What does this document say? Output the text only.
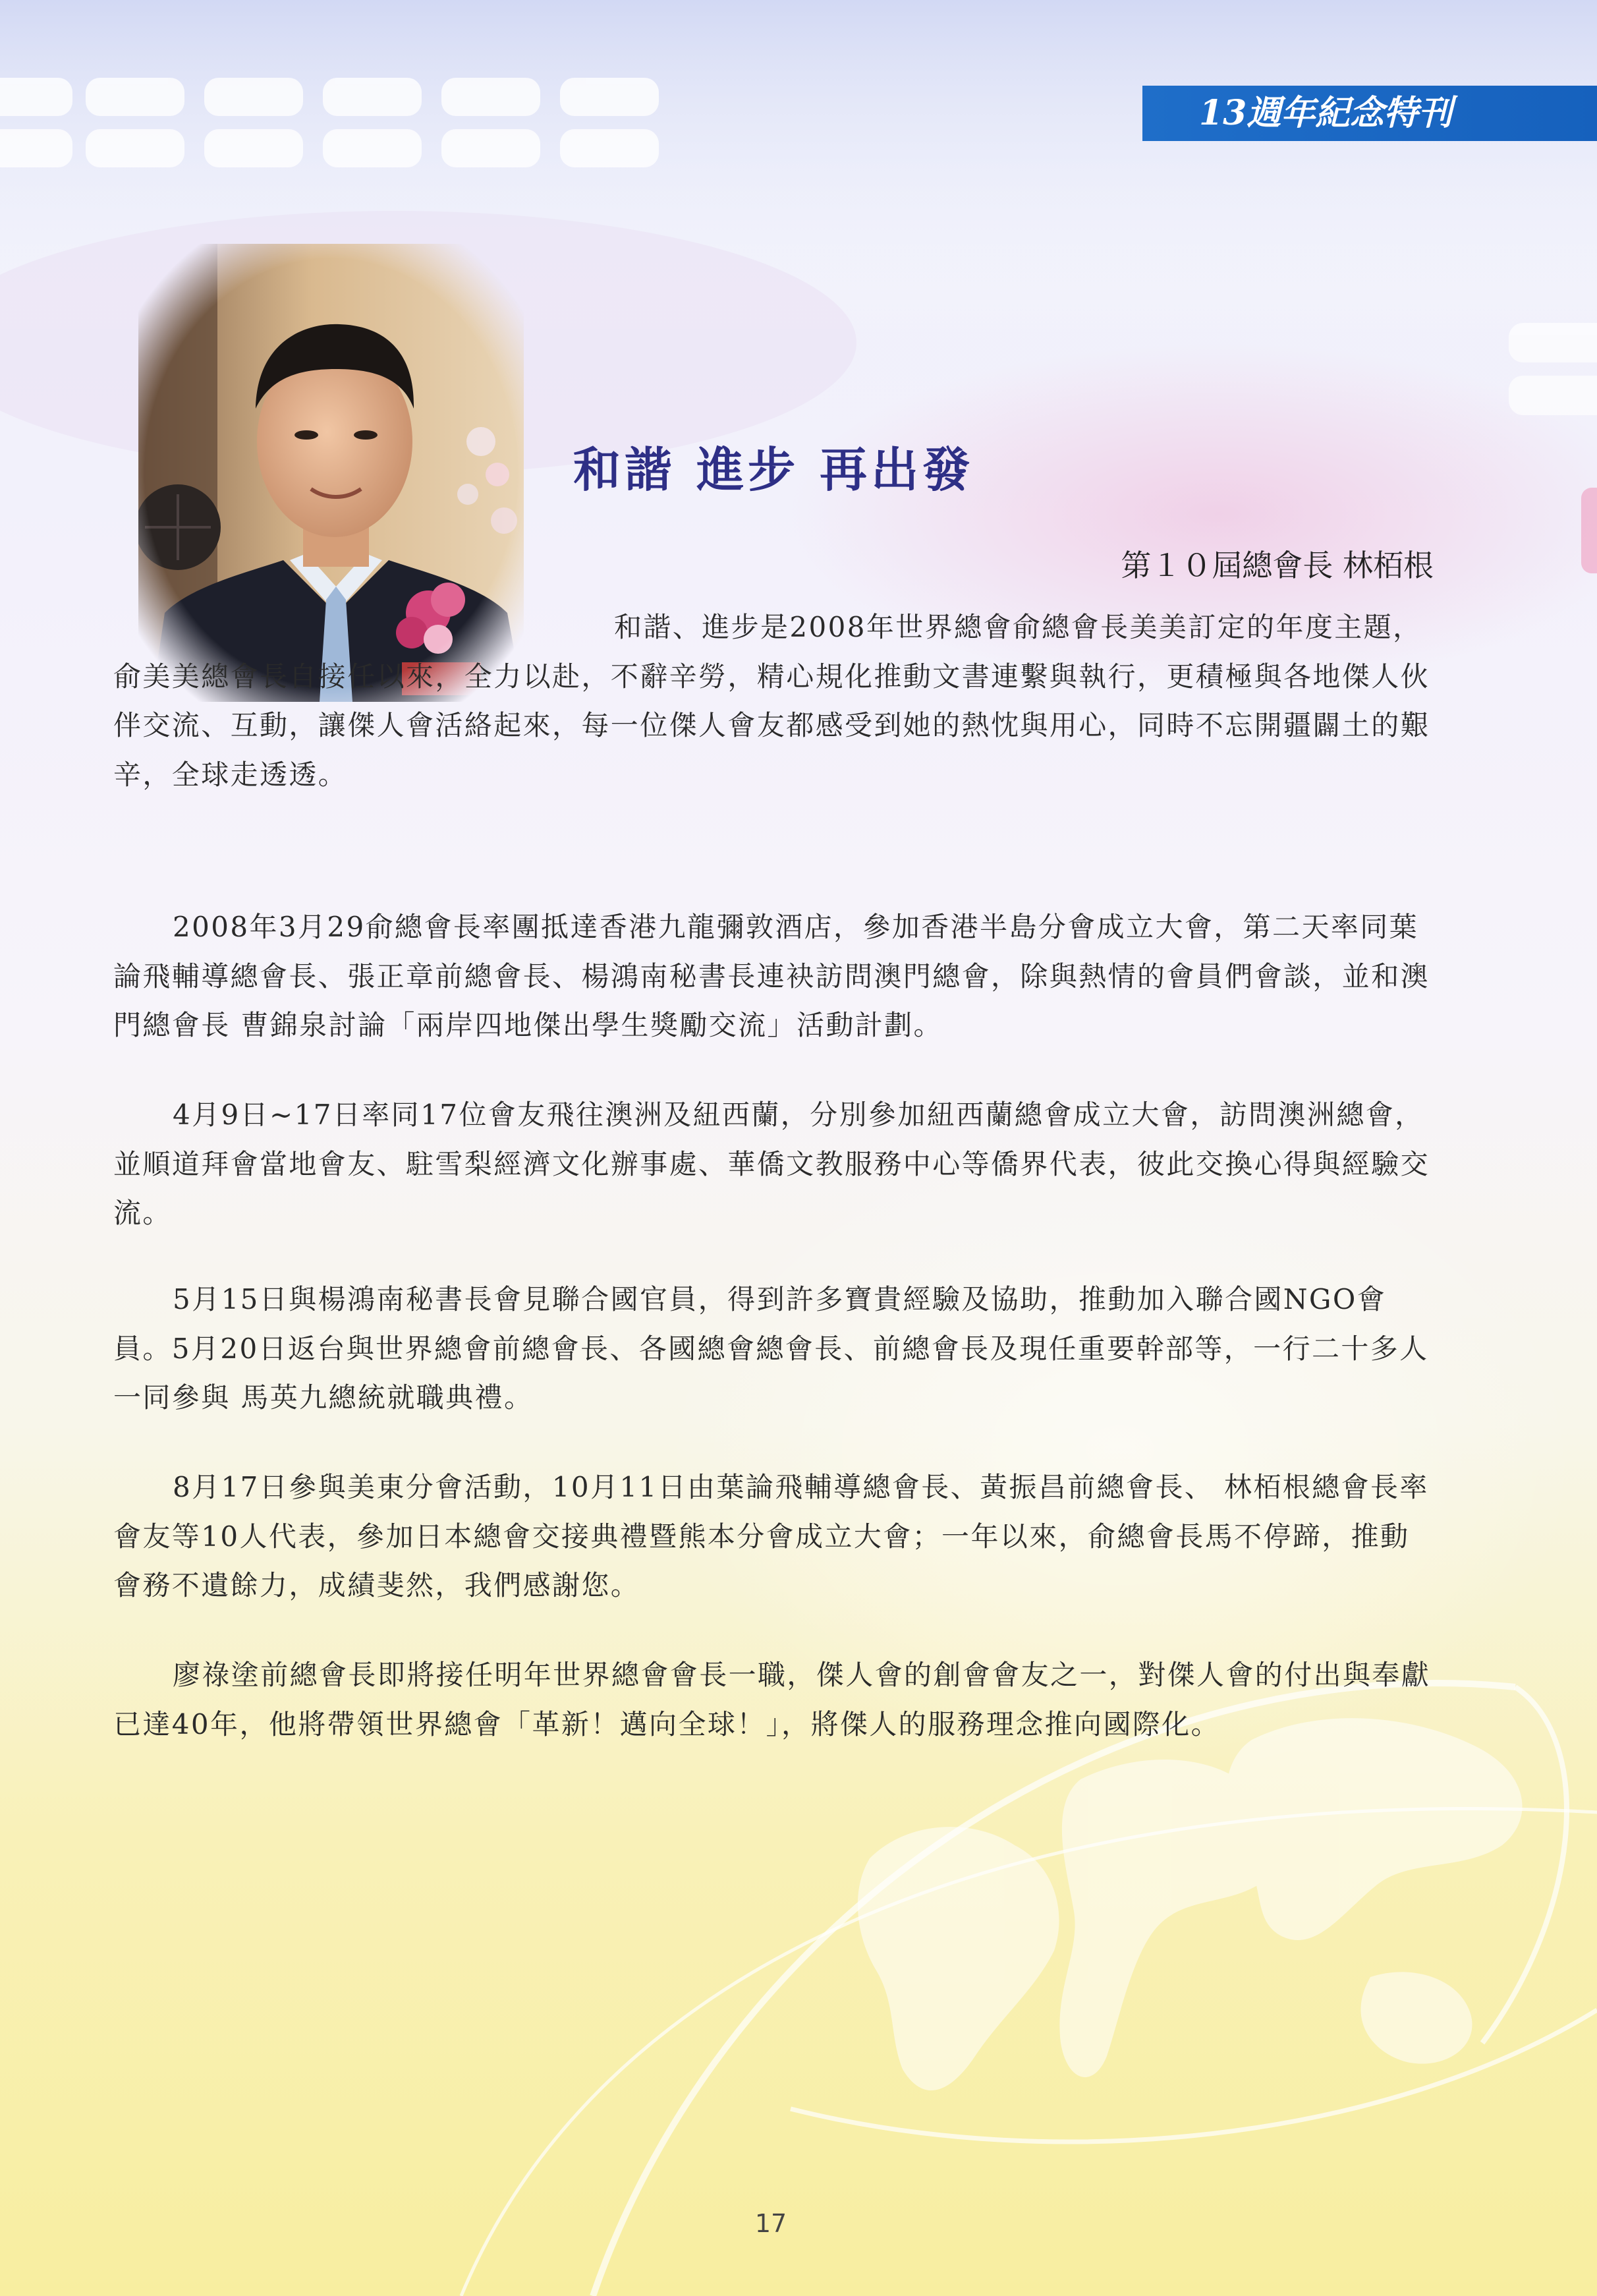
13週年紀念特刊
和諧 進步 再出發
第１０屆總會長 林栢根
和諧、進步是2008年世界總會俞總會長美美訂定的年度主題，俞美美總會長自接任以來，全力以赴，不辭辛勞，精心規化推動文書連繫與執行，更積極與各地傑人伙伴交流、互動，讓傑人會活絡起來，每一位傑人會友都感受到她的熱忱與用心，同時不忘開疆闢土的艱辛，全球走透透。
2008年3月29俞總會長率團抵達香港九龍彌敦酒店，參加香港半島分會成立大會，第二天率同葉論飛輔導總會長、張正章前總會長、楊鴻南秘書長連袂訪問澳門總會，除與熱情的會員們會談，並和澳門總會長 曹錦泉討論「兩岸四地傑出學生獎勵交流」活動計劃。
4月9日~17日率同17位會友飛往澳洲及紐西蘭，分別參加紐西蘭總會成立大會，訪問澳洲總會，並順道拜會當地會友、駐雪梨經濟文化辦事處、華僑文教服務中心等僑界代表，彼此交換心得與經驗交流。
5月15日與楊鴻南秘書長會見聯合國官員，得到許多寶貴經驗及協助，推動加入聯合國NGO會員。5月20日返台與世界總會前總會長、各國總會總會長、前總會長及現任重要幹部等，一行二十多人一同參與 馬英九總統就職典禮。
8月17日參與美東分會活動，10月11日由葉論飛輔導總會長、黃振昌前總會長、 林栢根總會長率會友等10人代表，參加日本總會交接典禮暨熊本分會成立大會；一年以來，俞總會長馬不停蹄，推動會務不遺餘力，成績斐然，我們感謝您。
廖祿塗前總會長即將接任明年世界總會會長一職，傑人會的創會會友之一，對傑人會的付出與奉獻已達40年，他將帶領世界總會「革新！邁向全球！」，將傑人的服務理念推向國際化。
17
